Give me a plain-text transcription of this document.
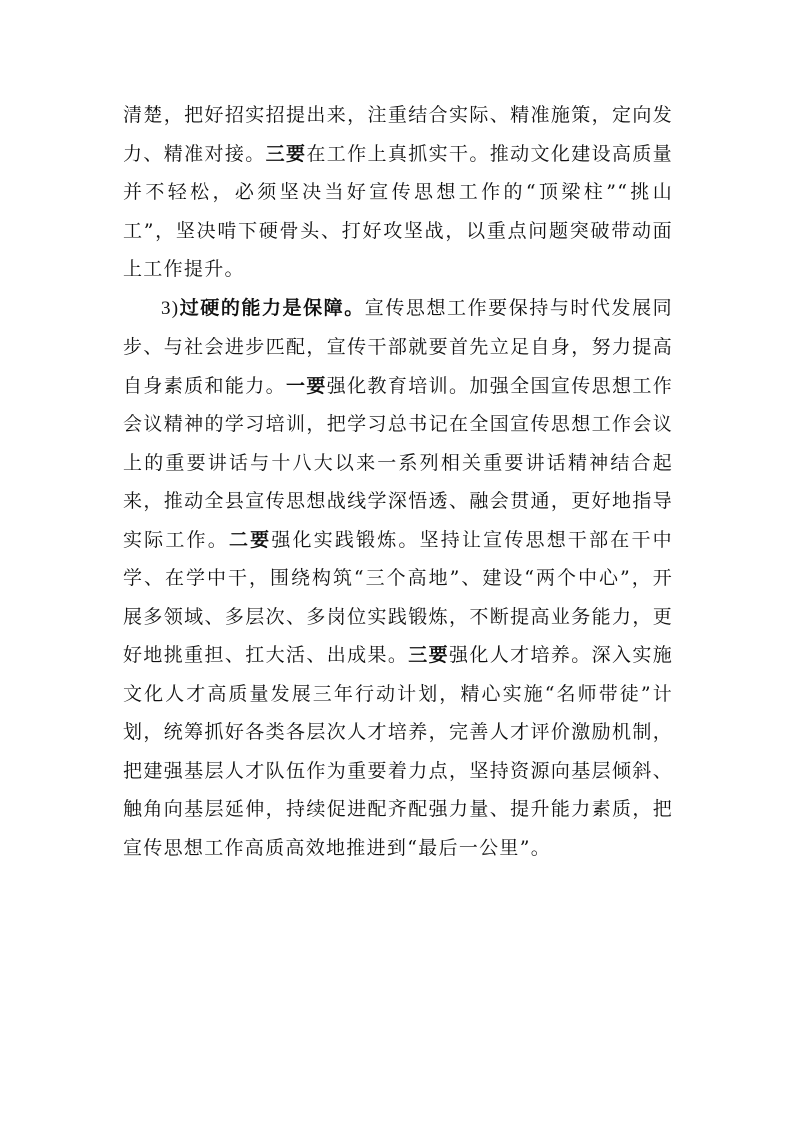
清楚，把好招实招提出来，注重结合实际、精准施策，定向发力、精准对接。三要在工作上真抓实干。推动文化建设高质量并不轻松，必须坚决当好宣传思想工作的“顶梁柱”“挑山工”，坚决啃下硬骨头、打好攻坚战，以重点问题突破带动面上工作提升。

3)过硬的能力是保障。宣传思想工作要保持与时代发展同步、与社会进步匹配，宣传干部就要首先立足自身，努力提高自身素质和能力。一要强化教育培训。加强全国宣传思想工作会议精神的学习培训，把学习总书记在全国宣传思想工作会议上的重要讲话与十八大以来一系列相关重要讲话精神结合起来，推动全县宣传思想战线学深悟透、融会贯通，更好地指导实际工作。二要强化实践锻炼。坚持让宣传思想干部在干中学、在学中干，围绕构筑“三个高地”、建设“两个中心”，开展多领域、多层次、多岗位实践锻炼，不断提高业务能力，更好地挑重担、扛大活、出成果。三要强化人才培养。深入实施文化人才高质量发展三年行动计划，精心实施“名师带徒”计划，统筹抓好各类各层次人才培养，完善人才评价激励机制，把建强基层人才队伍作为重要着力点，坚持资源向基层倾斜、触角向基层延伸，持续促进配齐配强力量、提升能力素质，把宣传思想工作高质高效地推进到“最后一公里”。
